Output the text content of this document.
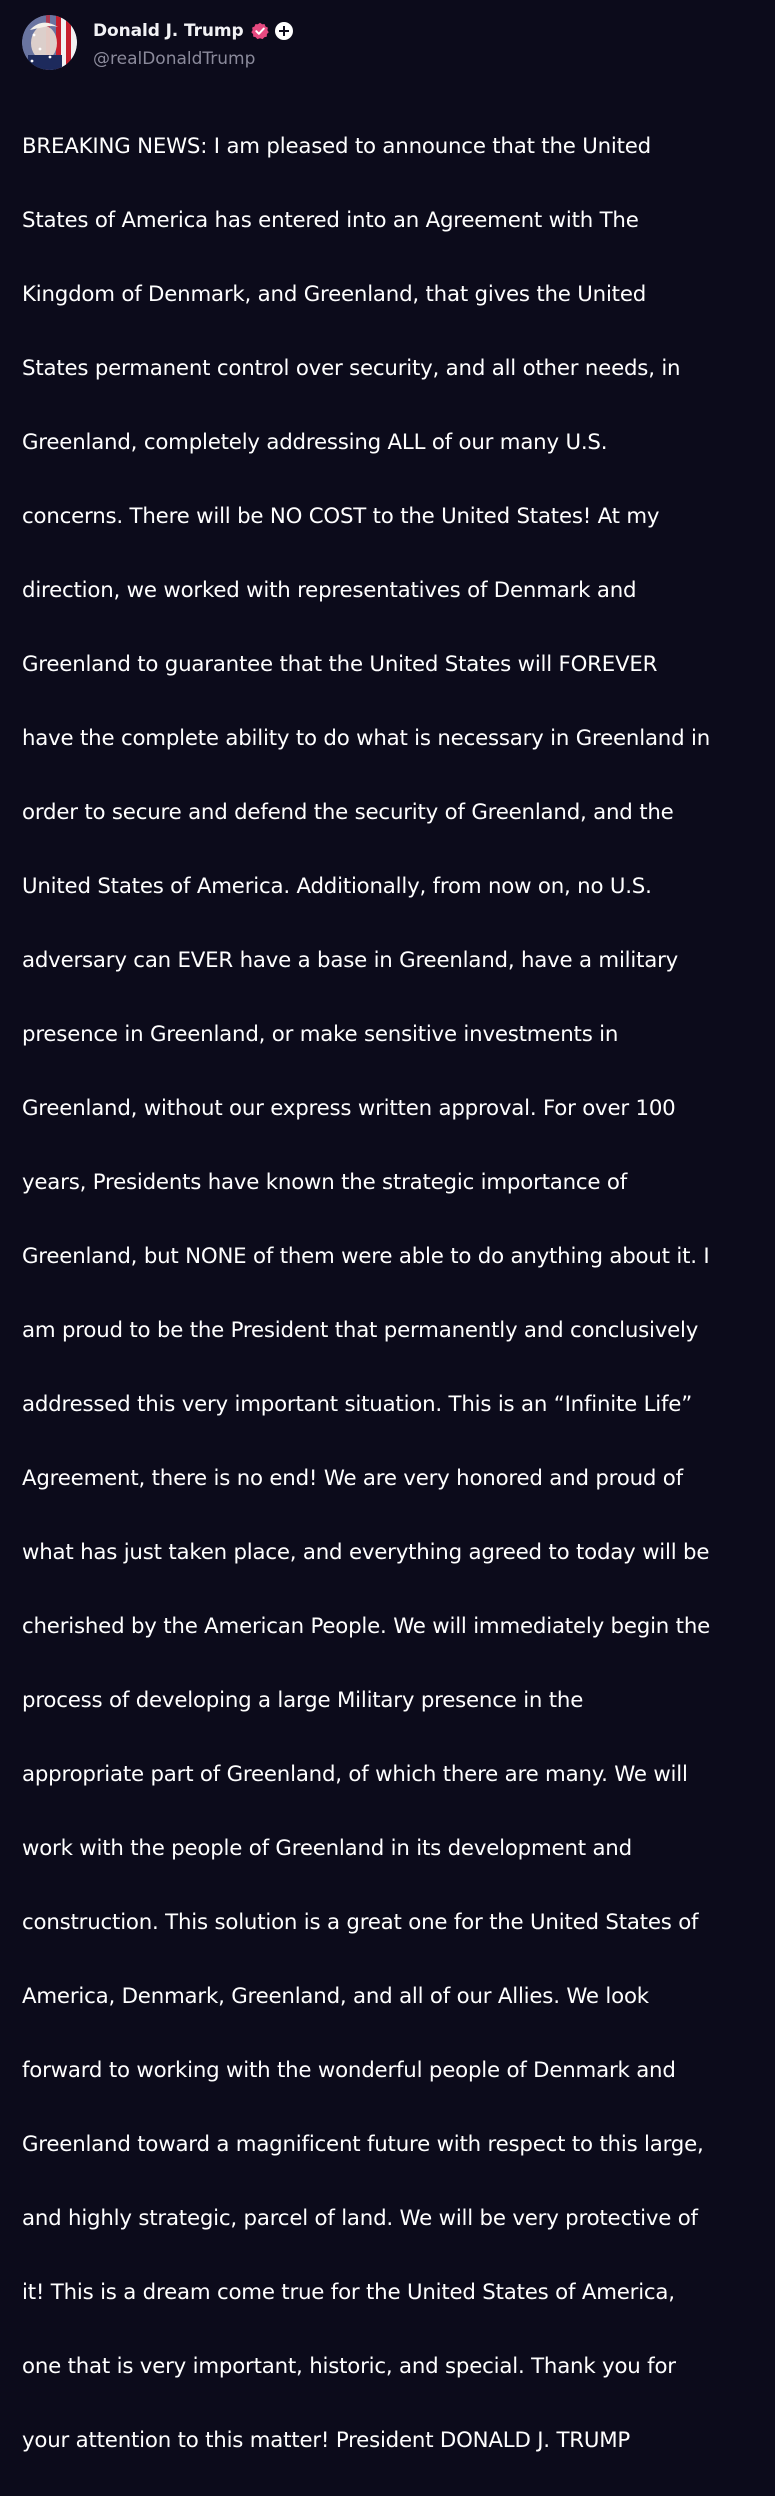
Donald J. Trump
@realDonaldTrump

BREAKING NEWS: I am pleased to announce that the United

States of America has entered into an Agreement with The

Kingdom of Denmark, and Greenland, that gives the United

States permanent control over security, and all other needs, in

Greenland, completely addressing ALL of our many U.S.

concerns. There will be NO COST to the United States! At my

direction, we worked with representatives of Denmark and

Greenland to guarantee that the United States will FOREVER

have the complete ability to do what is necessary in Greenland in

order to secure and defend the security of Greenland, and the

United States of America. Additionally, from now on, no U.S.

adversary can EVER have a base in Greenland, have a military

presence in Greenland, or make sensitive investments in

Greenland, without our express written approval. For over 100

years, Presidents have known the strategic importance of

Greenland, but NONE of them were able to do anything about it. I

am proud to be the President that permanently and conclusively

addressed this very important situation. This is an “Infinite Life”

Agreement, there is no end! We are very honored and proud of

what has just taken place, and everything agreed to today will be

cherished by the American People. We will immediately begin the

process of developing a large Military presence in the

appropriate part of Greenland, of which there are many. We will

work with the people of Greenland in its development and

construction. This solution is a great one for the United States of

America, Denmark, Greenland, and all of our Allies. We look

forward to working with the wonderful people of Denmark and

Greenland toward a magnificent future with respect to this large,

and highly strategic, parcel of land. We will be very protective of

it! This is a dream come true for the United States of America,

one that is very important, historic, and special. Thank you for

your attention to this matter! President DONALD J. TRUMP
